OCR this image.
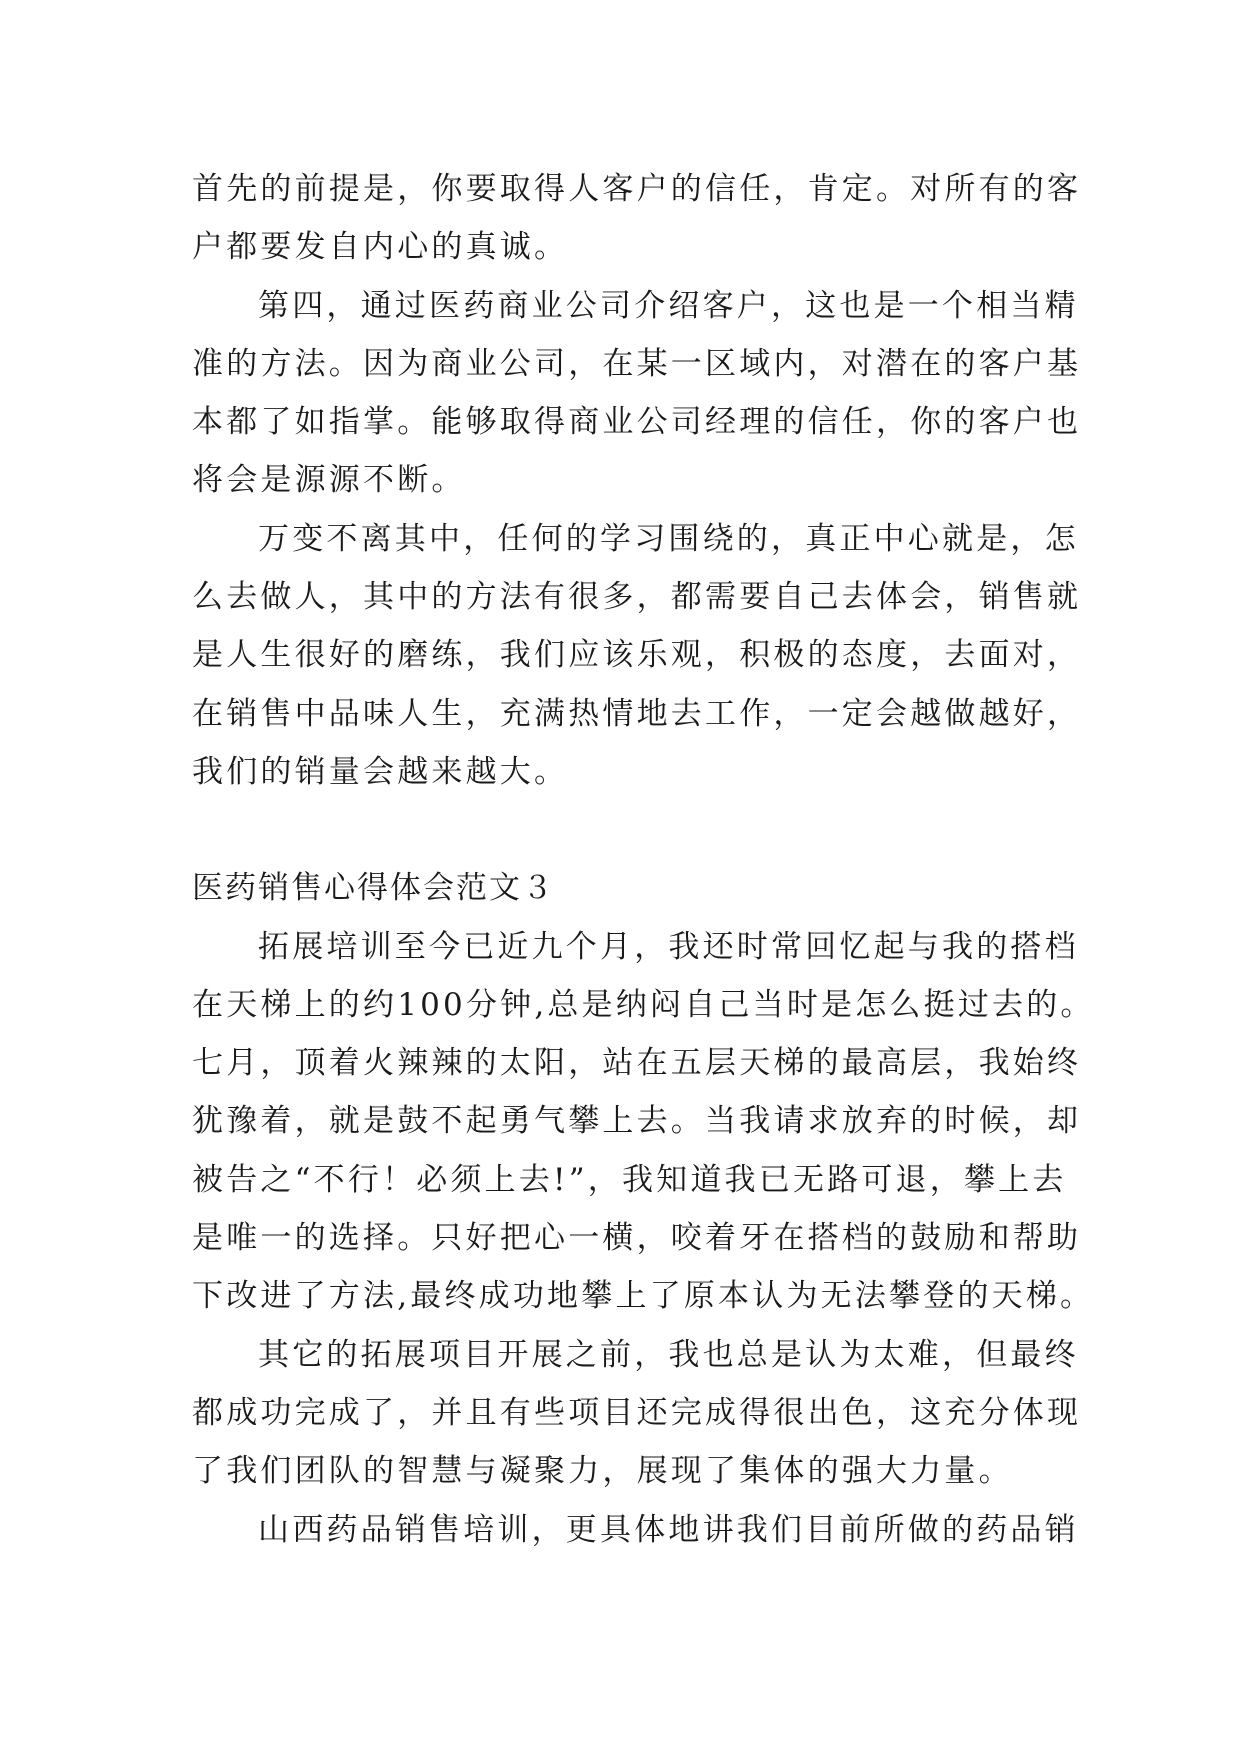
首先的前提是，你要取得人客户的信任，肯定。对所有的客
户都要发自内心的真诚。
第四，通过医药商业公司介绍客户，这也是一个相当精
准的方法。因为商业公司，在某一区域内，对潜在的客户基
本都了如指掌。能够取得商业公司经理的信任，你的客户也
将会是源源不断。
万变不离其中，任何的学习围绕的，真正中心就是，怎
么去做人，其中的方法有很多，都需要自己去体会，销售就
是人生很好的磨练，我们应该乐观，积极的态度，去面对，
在销售中品味人生，充满热情地去工作，一定会越做越好，
我们的销量会越来越大。
医药销售心得体会范文３
拓展培训至今已近九个月，我还时常回忆起与我的搭档
在天梯上的约100分钟,总是纳闷自己当时是怎么挺过去的。
七月，顶着火辣辣的太阳，站在五层天梯的最高层，我始终
犹豫着，就是鼓不起勇气攀上去。当我请求放弃的时候，却
被告之“不行！必须上去!”，我知道我已无路可退，攀上去
是唯一的选择。只好把心一横，咬着牙在搭档的鼓励和帮助
下改进了方法,最终成功地攀上了原本认为无法攀登的天梯。
其它的拓展项目开展之前，我也总是认为太难，但最终
都成功完成了，并且有些项目还完成得很出色，这充分体现
了我们团队的智慧与凝聚力，展现了集体的强大力量。
山西药品销售培训，更具体地讲我们目前所做的药品销
